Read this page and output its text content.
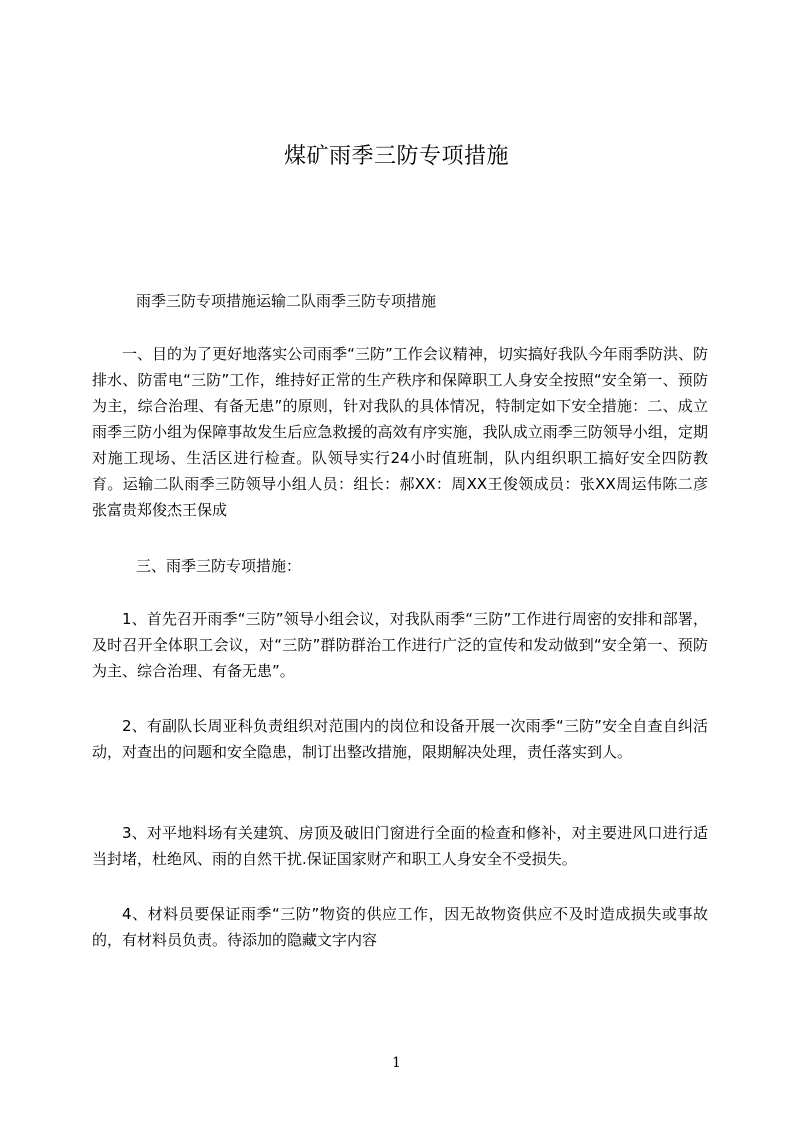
煤矿雨季三防专项措施

雨季三防专项措施运输二队雨季三防专项措施

一、目的为了更好地落实公司雨季“三防”工作会议精神，切实搞好我队今年雨季防洪、防排水、防雷电“三防”工作，维持好正常的生产秩序和保障职工人身安全按照“安全第一、预防为主，综合治理、有备无患”的原则，针对我队的具体情况，特制定如下安全措施：二、成立雨季三防小组为保障事故发生后应急救援的高效有序实施，我队成立雨季三防领导小组，定期对施工现场、生活区进行检查。队领导实行24小时值班制，队内组织职工搞好安全四防教育。运输二队雨季三防领导小组人员：组长：郝XX：周XX王俊领成员：张XX周运伟陈二彦张富贵郑俊杰王保成

三、雨季三防专项措施：

1、首先召开雨季“三防”领导小组会议，对我队雨季“三防”工作进行周密的安排和部署，及时召开全体职工会议，对“三防”群防群治工作进行广泛的宣传和发动做到“安全第一、预防为主、综合治理、有备无患”。

2、有副队长周亚科负责组织对范围内的岗位和设备开展一次雨季“三防”安全自查自纠活动，对查出的问题和安全隐患，制订出整改措施，限期解决处理，责任落实到人。

3、对平地料场有关建筑、房顶及破旧门窗进行全面的检查和修补，对主要进风口进行适当封堵，杜绝风、雨的自然干扰.保证国家财产和职工人身安全不受损失。

4、材料员要保证雨季“三防”物资的供应工作，因无故物资供应不及时造成损失或事故的，有材料员负责。待添加的隐藏文字内容

1
